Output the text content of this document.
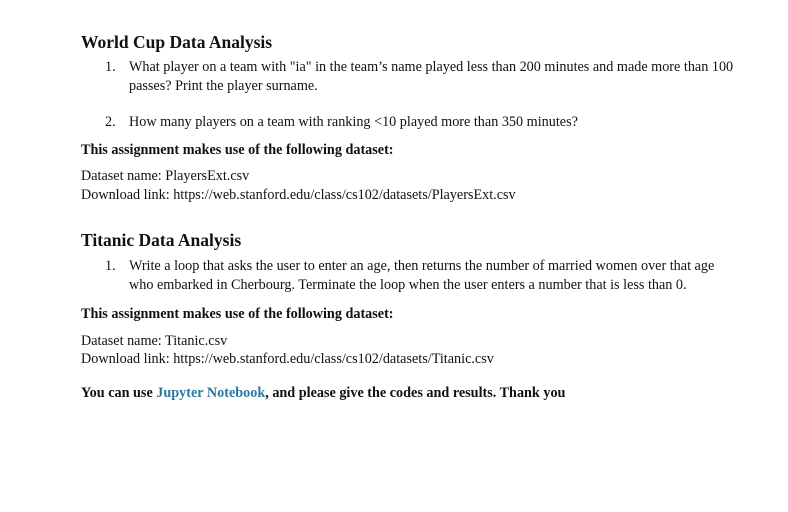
World Cup Data Analysis
1. What player on a team with "ia" in the team’s name played less than 200 minutes and made more than 100 passes? Print the player surname.
2. How many players on a team with ranking <10 played more than 350 minutes?

This assignment makes use of the following dataset:

Dataset name: PlayersExt.csv
Download link: https://web.stanford.edu/class/cs102/datasets/PlayersExt.csv
Titanic Data Analysis
1. Write a loop that asks the user to enter an age, then returns the number of married women over that age who embarked in Cherbourg. Terminate the loop when the user enters a number that is less than 0.

This assignment makes use of the following dataset:

Dataset name: Titanic.csv
Download link: https://web.stanford.edu/class/cs102/datasets/Titanic.csv

You can use Jupyter Notebook, and please give the codes and results. Thank you
